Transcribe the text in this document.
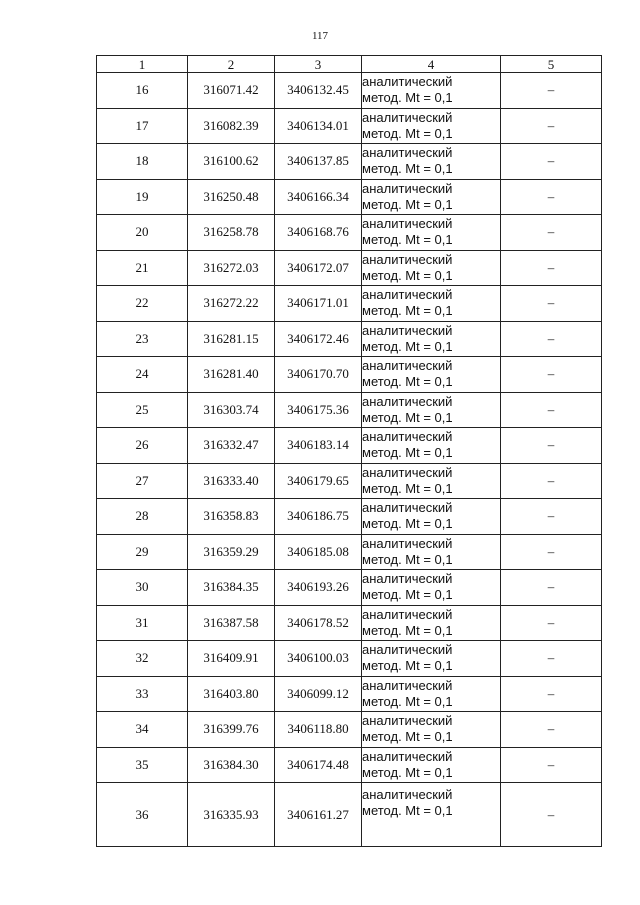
117
1	2	3	4	5
16	316071.42	3406132.45	аналитический
метод. Mt = 0,1	–
17	316082.39	3406134.01	аналитический
метод. Mt = 0,1	–
18	316100.62	3406137.85	аналитический
метод. Mt = 0,1	–
19	316250.48	3406166.34	аналитический
метод. Mt = 0,1	–
20	316258.78	3406168.76	аналитический
метод. Mt = 0,1	–
21	316272.03	3406172.07	аналитический
метод. Mt = 0,1	–
22	316272.22	3406171.01	аналитический
метод. Mt = 0,1	–
23	316281.15	3406172.46	аналитический
метод. Mt = 0,1	–
24	316281.40	3406170.70	аналитический
метод. Mt = 0,1	–
25	316303.74	3406175.36	аналитический
метод. Mt = 0,1	–
26	316332.47	3406183.14	аналитический
метод. Mt = 0,1	–
27	316333.40	3406179.65	аналитический
метод. Mt = 0,1	–
28	316358.83	3406186.75	аналитический
метод. Mt = 0,1	–
29	316359.29	3406185.08	аналитический
метод. Mt = 0,1	–
30	316384.35	3406193.26	аналитический
метод. Mt = 0,1	–
31	316387.58	3406178.52	аналитический
метод. Mt = 0,1	–
32	316409.91	3406100.03	аналитический
метод. Mt = 0,1	–
33	316403.80	3406099.12	аналитический
метод. Mt = 0,1	–
34	316399.76	3406118.80	аналитический
метод. Mt = 0,1	–
35	316384.30	3406174.48	аналитический
метод. Mt = 0,1	–
36	316335.93	3406161.27	аналитический
метод. Mt = 0,1	–
